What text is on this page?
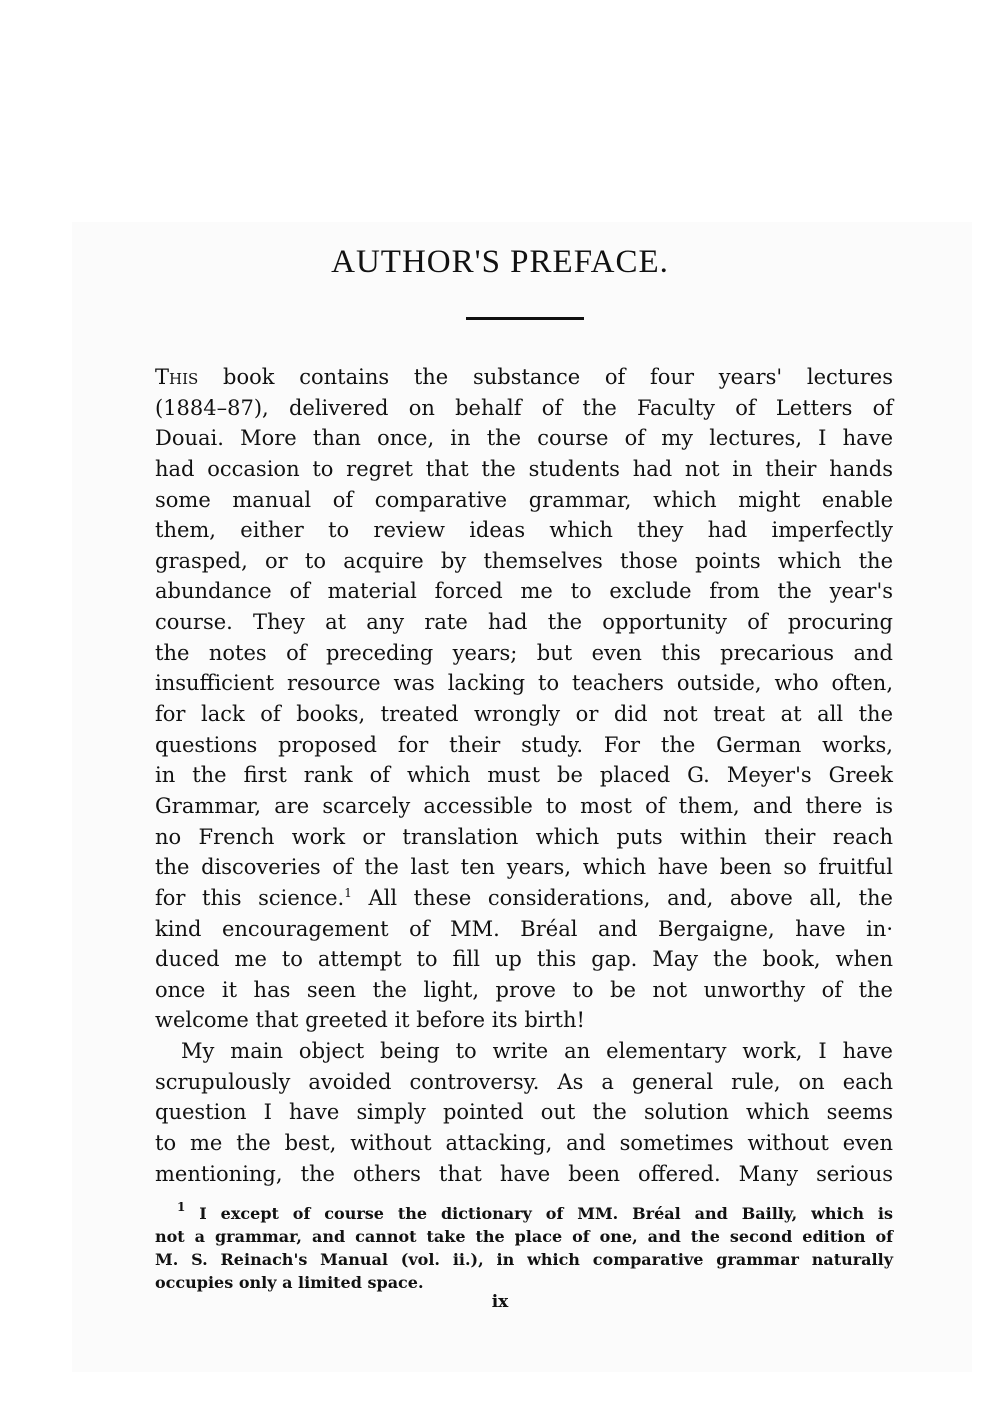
AUTHOR'S PREFACE.
This book contains the substance of four years' lectures
(1884–87), delivered on behalf of the Faculty of Letters of
Douai. More than once, in the course of my lectures, I have
had occasion to regret that the students had not in their hands
some manual of comparative grammar, which might enable
them, either to review ideas which they had imperfectly
grasped, or to acquire by themselves those points which the
abundance of material forced me to exclude from the year's
course. They at any rate had the opportunity of procuring
the notes of preceding years; but even this precarious and
insufficient resource was lacking to teachers outside, who often,
for lack of books, treated wrongly or did not treat at all the
questions proposed for their study. For the German works,
in the first rank of which must be placed G. Meyer's Greek
Grammar, are scarcely accessible to most of them, and there is
no French work or translation which puts within their reach
the discoveries of the last ten years, which have been so fruitful
for this science.$^1$ All these considerations, and, above all, the
kind encouragement of MM. Bréal and Bergaigne, have in·
duced me to attempt to fill up this gap. May the book, when
once it has seen the light, prove to be not unworthy of the
welcome that greeted it before its birth!
My main object being to write an elementary work, I have
scrupulously avoided controversy. As a general rule, on each
question I have simply pointed out the solution which seems
to me the best, without attacking, and sometimes without even
mentioning, the others that have been offered. Many serious
$^1$ I except of course the dictionary of MM. Bréal and Bailly, which is
not a grammar, and cannot take the place of one, and the second edition of
M. S. Reinach's Manual (vol. ii.), in which comparative grammar naturally
occupies only a limited space.
ix
